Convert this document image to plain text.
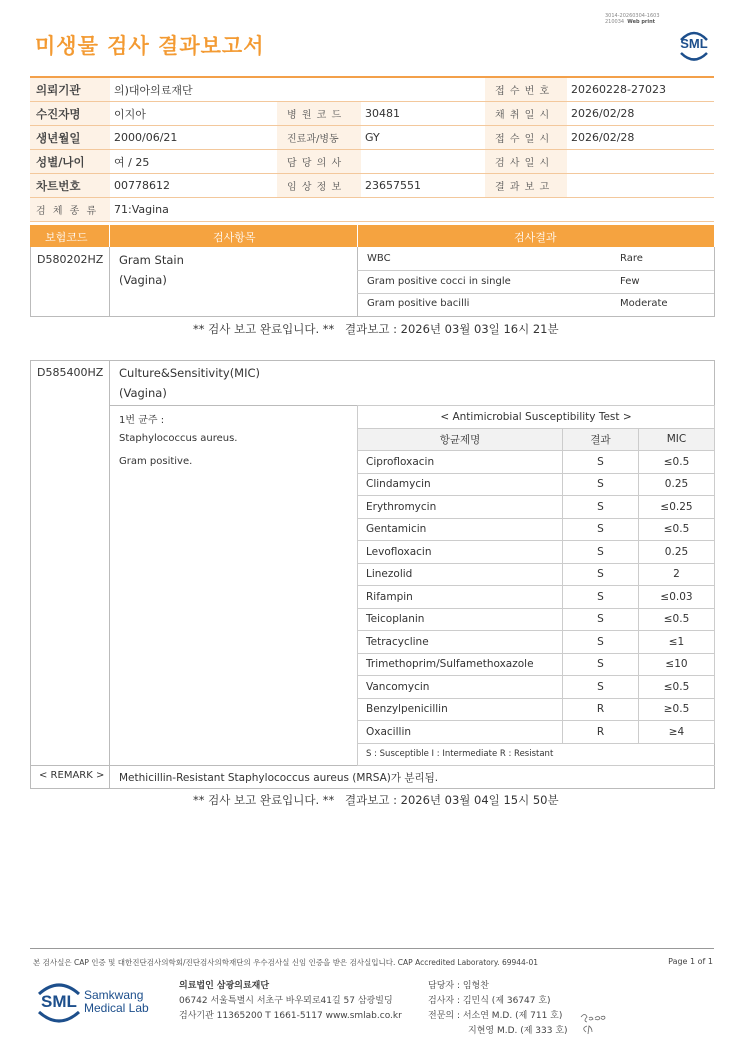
미생물 검사 결과보고서
3014-20260304-1603
210034 Web print
SML
의뢰기관	의)대아의료재단			접 수 번 호	20260228-27023
수진자명	이지아	병 원 코 드	30481	채 취 일 시	2026/02/28
생년월일	2000/06/21	진료과/병동	GY	접 수 일 시	2026/02/28
성별/나이	여 / 25	담 당 의 사		검 사 일 시	
차트번호	00778612	임 상 정 보	23657551	결 과 보 고	
검 체 종 류	71:Vagina				
보험코드	검사항목	검사결과
D580202HZ Gram Stain
(Vagina)
WBC	Rare
Gram positive cocci in single	Few
Gram positive bacilli	Moderate
** 검사 보고 완료입니다. ** 결과보고 : 2026년 03월 03일 16시 21분
D585400HZ Culture&Sensitivity(MIC)
(Vagina)
1번 균주 :
Staphylococcus aureus.
Gram positive.
< Antimicrobial Susceptibility Test >		
항균제명	결과	MIC
Ciprofloxacin	S	≤0.5
Clindamycin	S	0.25
Erythromycin	S	≤0.25
Gentamicin	S	≤0.5
Levofloxacin	S	0.25
Linezolid	S	2
Rifampin	S	≤0.03
Teicoplanin	S	≤0.5
Tetracycline	S	≤1
Trimethoprim/Sulfamethoxazole	S	≤10
Vancomycin	S	≤0.5
Benzylpenicillin	R	≥0.5
Oxacillin	R	≥4
S : Susceptible I : Intermediate R : Resistant		
< REMARK > Methicillin-Resistant Staphylococcus aureus (MRSA)가 분리됨.
** 검사 보고 완료입니다. ** 결과보고 : 2026년 03월 04일 15시 50분
본 검사실은 CAP 인증 및 대한진단검사의학회/진단검사의학재단의 우수검사실 신임 인증을 받은 검사실입니다. CAP Accredited Laboratory. 69944-01	Page 1 of 1
SML Samkwang
Medical Lab
의료법인 삼광의료재단
06742 서울특별시 서초구 바우뫼로41길 57 삼광빌딩
검사기관 11365200 T 1661-5117 www.smlab.co.kr
담당자 : 임형찬
검사자 : 김민식 (제 36747 호)
전문의 : 서소연 M.D. (제 711 호)
지현영 M.D. (제 333 호)
